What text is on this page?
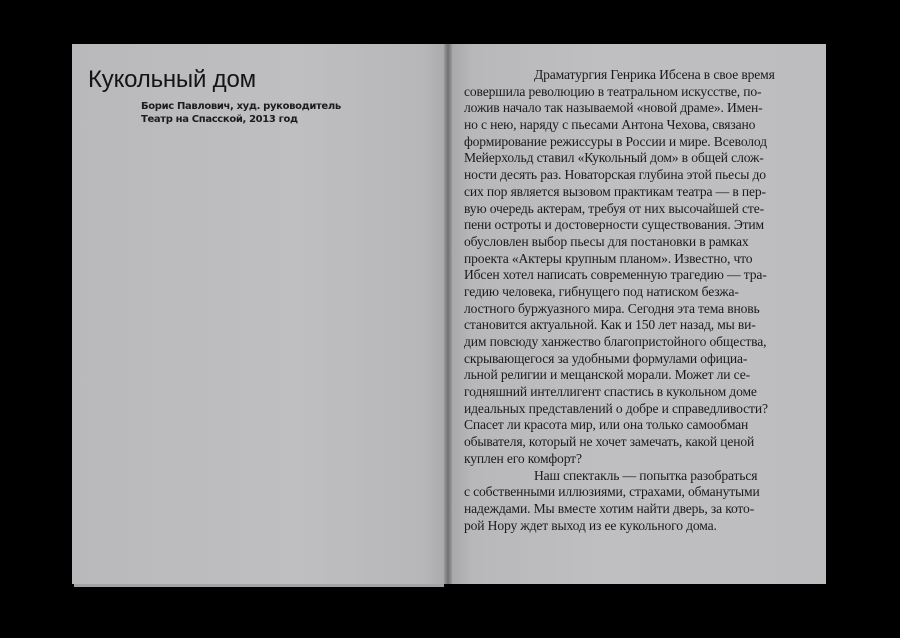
Кукольный дом
Борис Павлович, худ. руководитель
Театр на Спасской, 2013 год
Драматургия Генрика Ибсена в свое время
совершила революцию в театральном искусстве, по-
ложив начало так называемой «новой драме». Имен-
но с нею, наряду с пьесами Антона Чехова, связано
формирование режиссуры в России и мире. Всеволод
Мейерхольд ставил «Кукольный дом» в общей слож-
ности десять раз. Новаторская глубина этой пьесы до
сих пор является вызовом практикам театра — в пер-
вую очередь актерам, требуя от них высочайшей сте-
пени остроты и достоверности существования. Этим
обусловлен выбор пьесы для постановки в рамках
проекта «Актеры крупным планом». Известно, что
Ибсен хотел написать современную трагедию — тра-
гедию человека, гибнущего под натиском безжа-
лостного буржуазного мира. Сегодня эта тема вновь
становится актуальной. Как и 150 лет назад, мы ви-
дим повсюду ханжество благопристойного общества,
скрывающегося за удобными формулами официа-
льной религии и мещанской морали. Может ли се-
годняшний интеллигент спастись в кукольном доме
идеальных представлений о добре и справедливости?
Спасет ли красота мир, или она только самообман
обывателя, который не хочет замечать, какой ценой
куплен его комфорт?
Наш спектакль — попытка разобраться
с собственными иллюзиями, страхами, обманутыми
надеждами. Мы вместе хотим найти дверь, за кото-
рой Нору ждет выход из ее кукольного дома.
